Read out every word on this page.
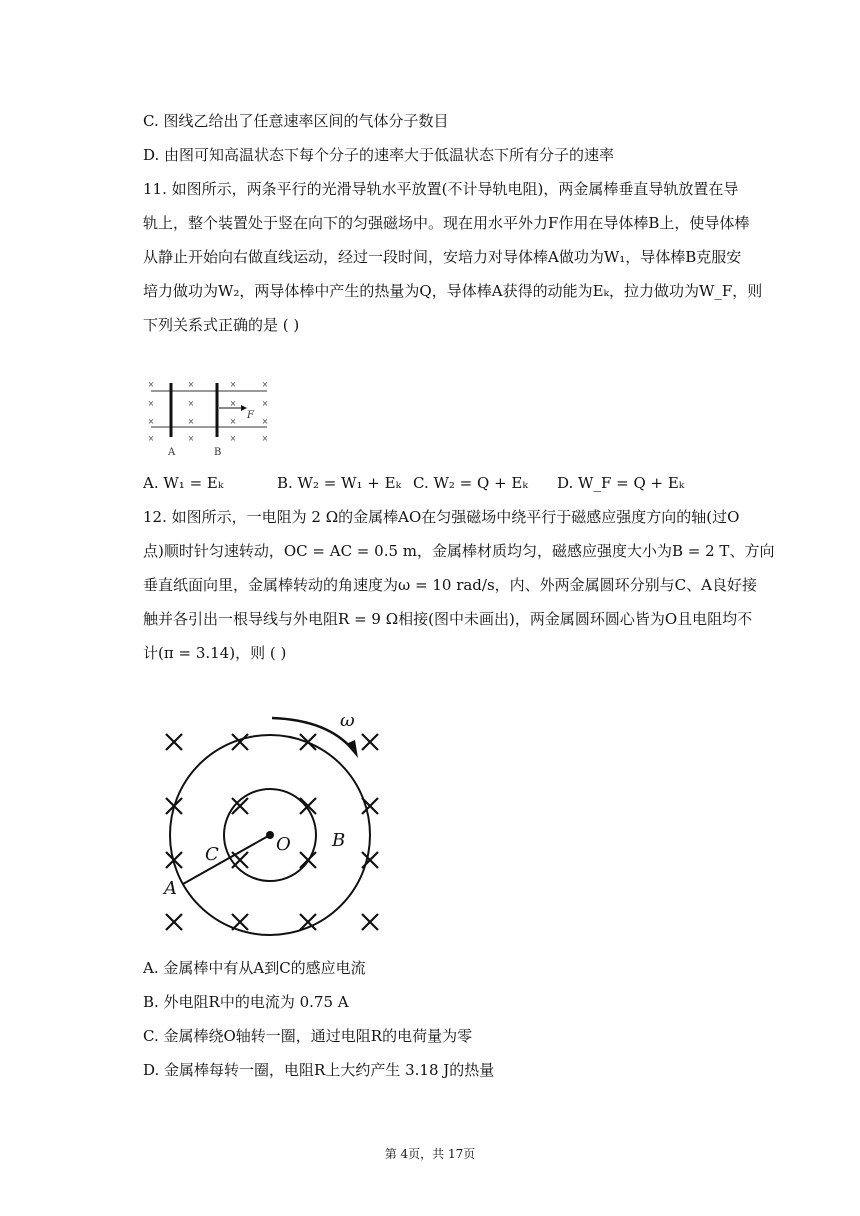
C. 图线乙给出了任意速率区间的气体分子数目
D. 由图可知高温状态下每个分子的速率大于低温状态下所有分子的速率
11. 如图所示，两条平行的光滑导轨水平放置(不计导轨电阻)，两金属棒垂直导轨放置在导
轨上，整个装置处于竖在向下的匀强磁场中。现在用水平外力F作用在导体棒B上，使导体棒
从静止开始向右做直线运动，经过一段时间，安培力对导体棒A做功为W₁，导体棒B克服安
培力做功为W₂，两导体棒中产生的热量为Q，导体棒A获得的动能为Eₖ，拉力做功为W_F，则
下列关系式正确的是 ( )
F
×	×	×	×
×	×	×	×
×	×	×	×
×	×	×	×
A	B
A. W₁ = Eₖ	B. W₂ = W₁ + Eₖ C. W₂ = Q + Eₖ D. W_F = Q + Eₖ
12. 如图所示，一电阻为 2 Ω的金属棒AO在匀强磁场中绕平行于磁感应强度方向的轴(过O
点)顺时针匀速转动，OC = AC = 0.5 m，金属棒材质均匀，磁感应强度大小为B = 2 T、方向
垂直纸面向里，金属棒转动的角速度为ω = 10 rad/s，内、外两金属圆环分别与C、A良好接
触并各引出一根导线与外电阻R = 9 Ω相接(图中未画出)，两金属圆环圆心皆为O且电阻均不
计(π = 3.14)，则 ( )
ω
O
C
B
A
A. 金属棒中有从A到C的感应电流
B. 外电阻R中的电流为 0.75 A
C. 金属棒绕O轴转一圈，通过电阻R的电荷量为零
D. 金属棒每转一圈，电阻R上大约产生 3.18 J的热量
第 4页，共 17页
